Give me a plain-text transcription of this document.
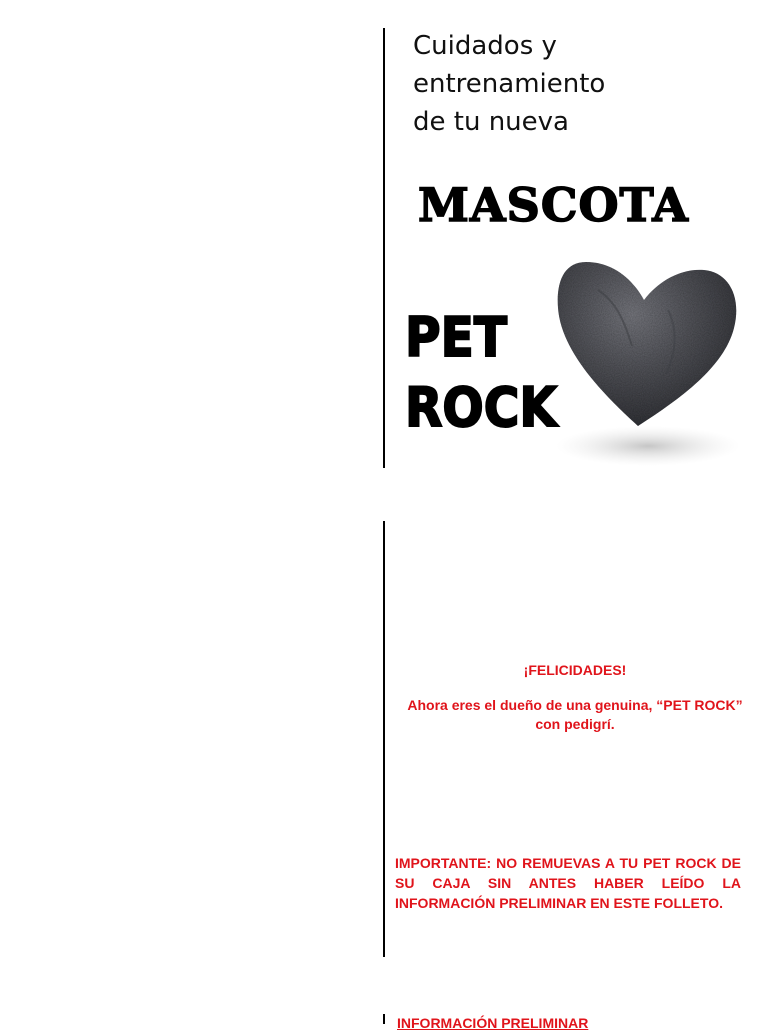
Cuidados y
entrenamiento
de tu nueva
MASCOTA
PET
ROCK
¡FELICIDADES!
Ahora eres el dueño de una genuina, “PET ROCK” con pedigrí.
IMPORTANTE: NO REMUEVAS A TU PET ROCK DE SU CAJA SIN ANTES HABER LEÍDO LA INFORMACIÓN PRELIMINAR EN ESTE FOLLETO.
INFORMACIÓN PRELIMINAR
